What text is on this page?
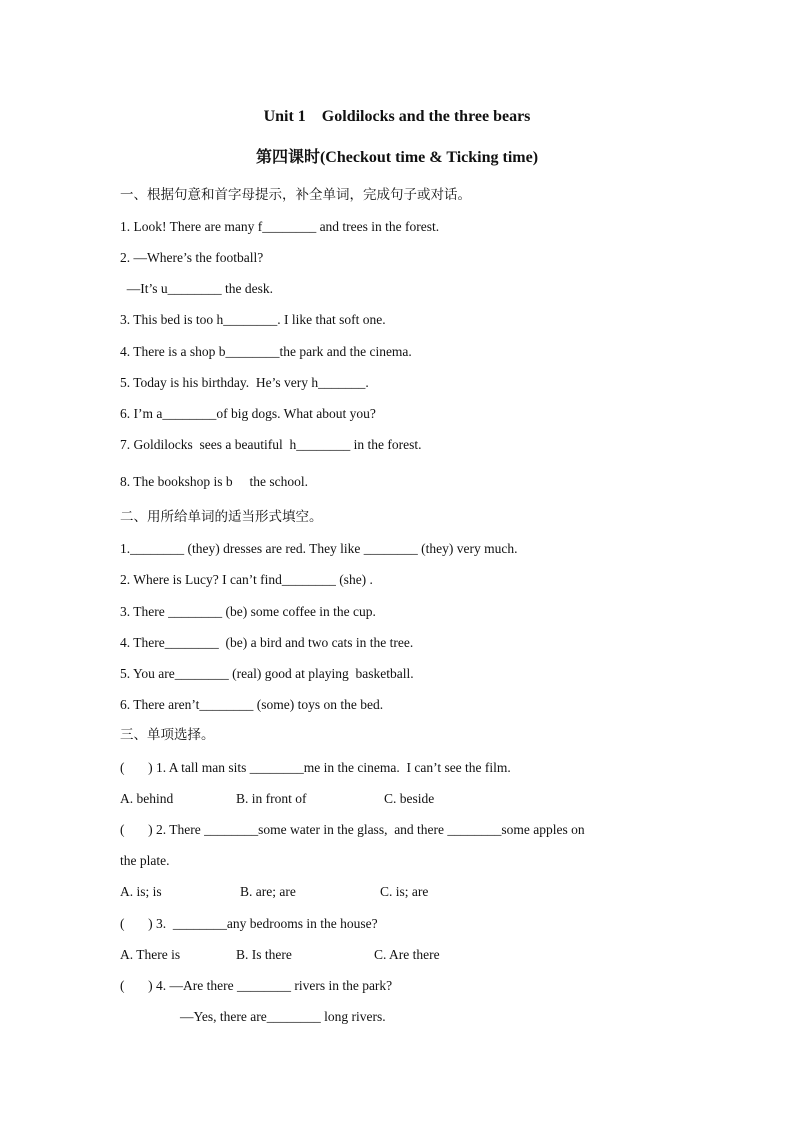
Unit 1    Goldilocks and the three bears
第四课时(Checkout time & Ticking time)
一、根据句意和首字母提示，补全单词，完成句子或对话。
1. Look! There are many f________ and trees in the forest.
2. —Where’s the football?
—It’s u________ the desk.
3. This bed is too h________. I like that soft one.
4. There is a shop b________the park and the cinema.
5. Today is his birthday.  He’s very h_______.
6. I’m a________of big dogs. What about you?
7. Goldilocks  sees a beautiful  h________ in the forest.
8. The bookshop is b     the school.
二、用所给单词的适当形式填空。
1.________ (they) dresses are red. They like ________ (they) very much.
2. Where is Lucy? I can’t find________ (she) .
3. There ________ (be) some coffee in the cup.
4. There________  (be) a bird and two cats in the tree.
5. You are________ (real) good at playing  basketball.
6. There aren’t________ (some) toys on the bed.
三、单项选择。
(       ) 1. A tall man sits ________me in the cinema.  I can’t see the film.
A. behind	B. in front of	C. beside
(       ) 2. There ________some water in the glass,  and there ________some apples on
the plate.
A. is; is	B. are; are	C. is; are
(       ) 3.  ________any bedrooms in the house?
A. There is	B. Is there	C. Are there
(       ) 4. —Are there ________ rivers in the park?
—Yes, there are________ long rivers.
